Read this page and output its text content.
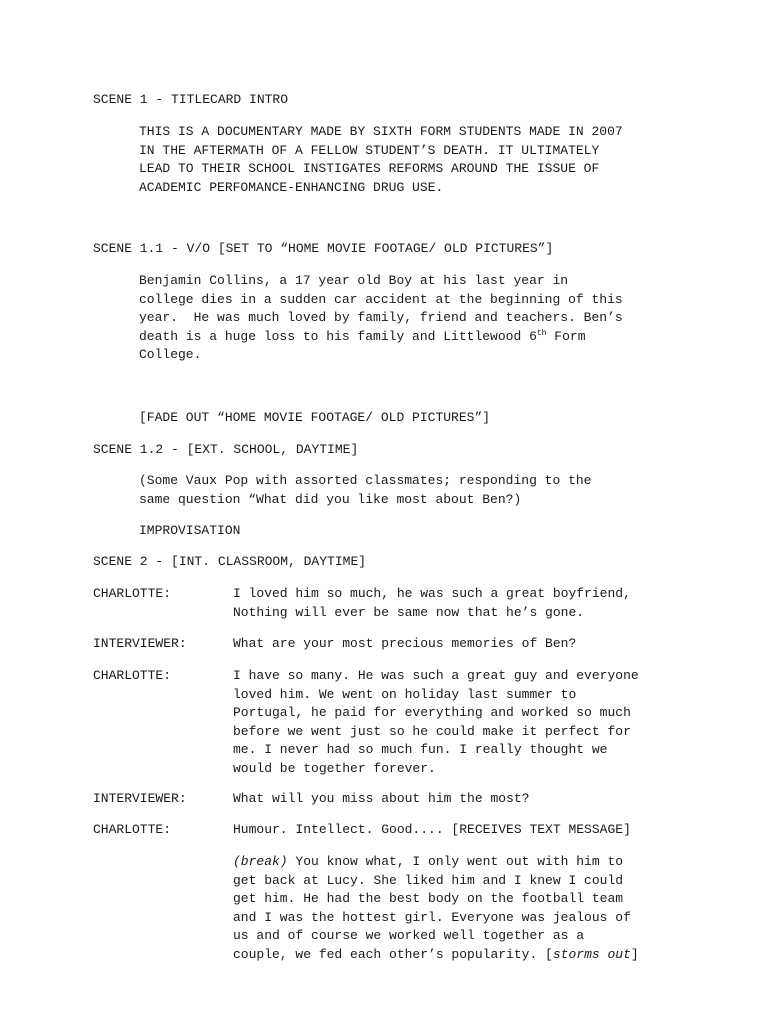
SCENE 1 - TITLECARD INTRO
THIS IS A DOCUMENTARY MADE BY SIXTH FORM STUDENTS MADE IN 2007
IN THE AFTERMATH OF A FELLOW STUDENT’S DEATH. IT ULTIMATELY
LEAD TO THEIR SCHOOL INSTIGATES REFORMS AROUND THE ISSUE OF
ACADEMIC PERFOMANCE-ENHANCING DRUG USE.
SCENE 1.1 - V/O [SET TO “HOME MOVIE FOOTAGE/ OLD PICTURES”]
Benjamin Collins, a 17 year old Boy at his last year in
college dies in a sudden car accident at the beginning of this
year.  He was much loved by family, friend and teachers. Ben’s
death is a huge loss to his family and Littlewood 6th Form
College.
[FADE OUT “HOME MOVIE FOOTAGE/ OLD PICTURES”]
SCENE 1.2 - [EXT. SCHOOL, DAYTIME]
(Some Vaux Pop with assorted classmates; responding to the
same question “What did you like most about Ben?)
IMPROVISATION
SCENE 2 - [INT. CLASSROOM, DAYTIME]
CHARLOTTE:	I loved him so much, he was such a great boyfriend,
Nothing will ever be same now that he’s gone.
INTERVIEWER:	What are your most precious memories of Ben?
CHARLOTTE:	I have so many. He was such a great guy and everyone
loved him. We went on holiday last summer to
Portugal, he paid for everything and worked so much
before we went just so he could make it perfect for
me. I never had so much fun. I really thought we
would be together forever.
INTERVIEWER:	What will you miss about him the most?
CHARLOTTE:	Humour. Intellect. Good.... [RECEIVES TEXT MESSAGE]
(break) You know what, I only went out with him to
get back at Lucy. She liked him and I knew I could
get him. He had the best body on the football team
and I was the hottest girl. Everyone was jealous of
us and of course we worked well together as a
couple, we fed each other’s popularity. [storms out]
